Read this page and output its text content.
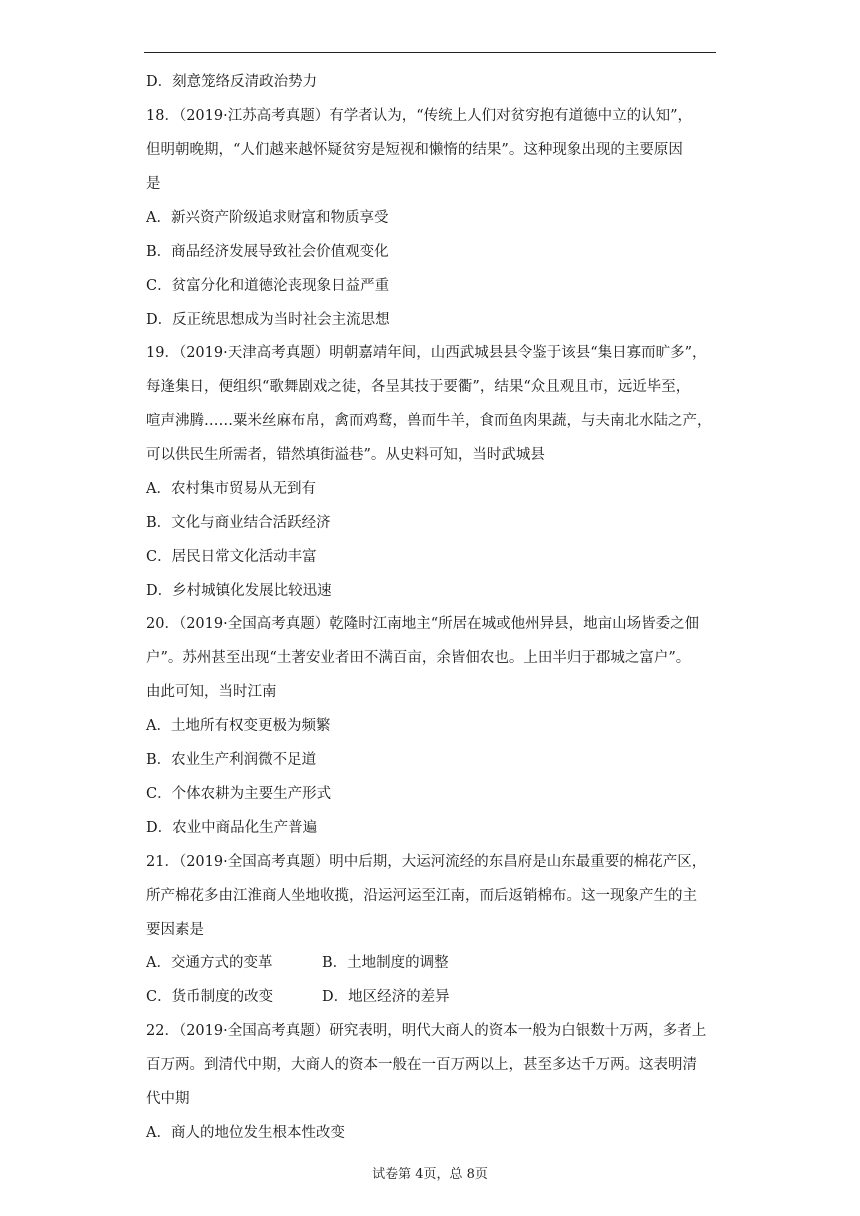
D．刻意笼络反清政治势力
18．（2019·江苏高考真题）有学者认为，“传统上人们对贫穷抱有道德中立的认知”，
但明朝晚期，“人们越来越怀疑贫穷是短视和懒惰的结果”。这种现象出现的主要原因
是
A．新兴资产阶级追求财富和物质享受
B．商品经济发展导致社会价值观变化
C．贫富分化和道德沦丧现象日益严重
D．反正统思想成为当时社会主流思想
19．（2019·天津高考真题）明朝嘉靖年间，山西武城县县令鉴于该县“集日寡而旷多”，
每逢集日，便组织“歌舞剧戏之徒，各呈其技于要衢”，结果“众且观且市，远近毕至，
喧声沸腾……粟米丝麻布帛，禽而鸡鹜，兽而牛羊，食而鱼肉果蔬，与夫南北水陆之产，
可以供民生所需者，错然填街溢巷”。从史料可知，当时武城县
A．农村集市贸易从无到有
B．文化与商业结合活跃经济
C．居民日常文化活动丰富
D．乡村城镇化发展比较迅速
20．（2019·全国高考真题）乾隆时江南地主“所居在城或他州异县，地亩山场皆委之佃
户”。苏州甚至出现“土著安业者田不满百亩，余皆佃农也。上田半归于郡城之富户”。
由此可知，当时江南
A．土地所有权变更极为频繁
B．农业生产利润微不足道
C．个体农耕为主要生产形式
D．农业中商品化生产普遍
21．（2019·全国高考真题）明中后期，大运河流经的东昌府是山东最重要的棉花产区，
所产棉花多由江淮商人坐地收揽，沿运河运至江南，而后返销棉布。这一现象产生的主
要因素是
A．交通方式的变革	B．土地制度的调整
C．货币制度的改变	D．地区经济的差异
22．（2019·全国高考真题）研究表明，明代大商人的资本一般为白银数十万两，多者上
百万两。到清代中期，大商人的资本一般在一百万两以上，甚至多达千万两。这表明清
代中期
A．商人的地位发生根本性改变
试卷第 4页，总 8页
